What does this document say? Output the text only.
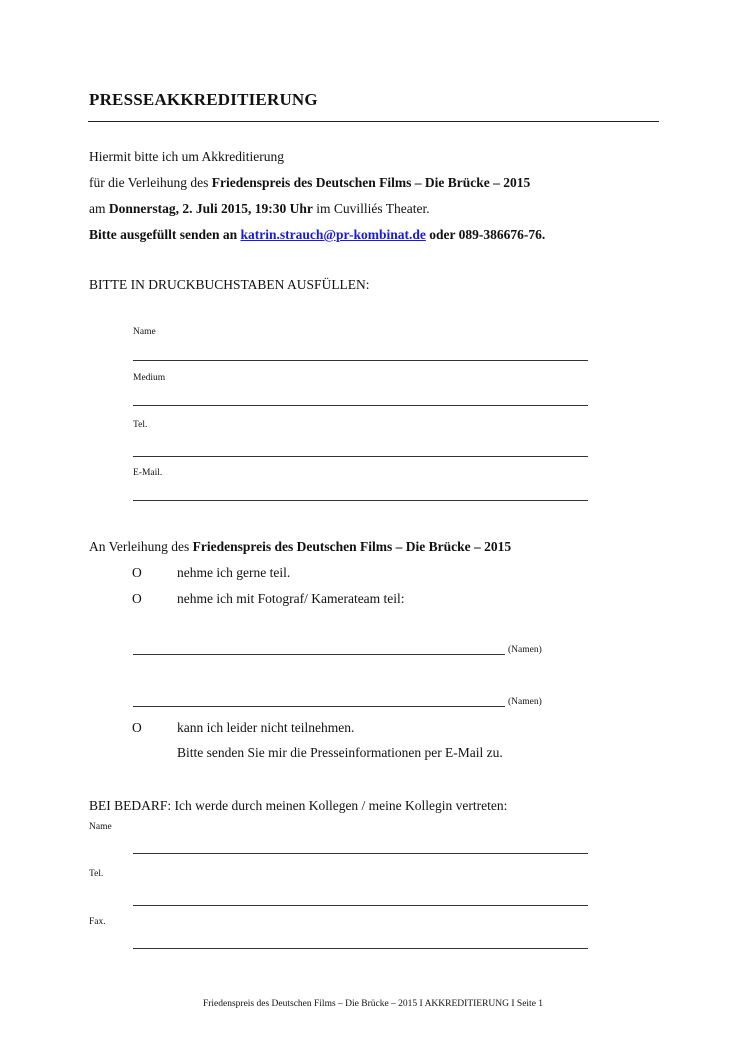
PRESSEAKKREDITIERUNG
Hiermit bitte ich um Akkreditierung
für die Verleihung des Friedenspreis des Deutschen Films – Die Brücke – 2015
am Donnerstag, 2. Juli 2015, 19:30 Uhr im Cuvilliés Theater.
Bitte ausgefüllt senden an katrin.strauch@pr-kombinat.de oder 089-386676-76.
BITTE IN DRUCKBUCHSTABEN AUSFÜLLEN:
Name
Medium
Tel.
E-Mail.
An Verleihung des Friedenspreis des Deutschen Films – Die Brücke – 2015
O	nehme ich gerne teil.
O	nehme ich mit Fotograf/ Kamerateam teil:
(Namen)
(Namen)
O	kann ich leider nicht teilnehmen.
Bitte senden Sie mir die Presseinformationen per E-Mail zu.
BEI BEDARF: Ich werde durch meinen Kollegen / meine Kollegin vertreten:
Name
Tel.
Fax.
Friedenspreis des Deutschen Films – Die Brücke – 2015 I AKKREDITIERUNG I Seite 1
